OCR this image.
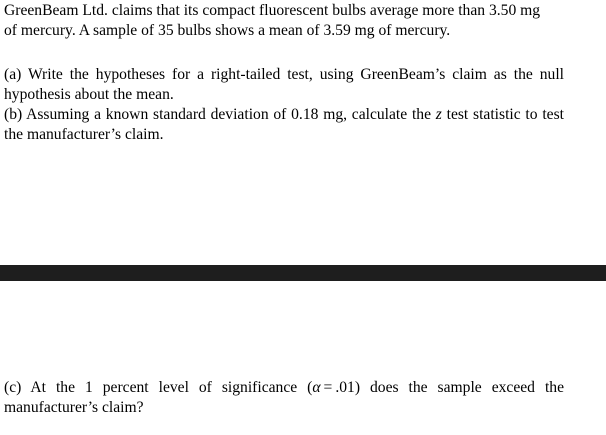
GreenBeam Ltd. claims that its compact fluorescent bulbs average more than 3.50 mg
of mercury. A sample of 35 bulbs shows a mean of 3.59 mg of mercury.

(a) Write the hypotheses for a right-tailed test, using GreenBeam’s claim as the null hypothesis about the mean.

(b) Assuming a known standard deviation of 0.18 mg, calculate the z test statistic to test the manufacturer’s claim.

(c) At the 1 percent level of significance (α = .01) does the sample exceed the manufacturer’s claim?
